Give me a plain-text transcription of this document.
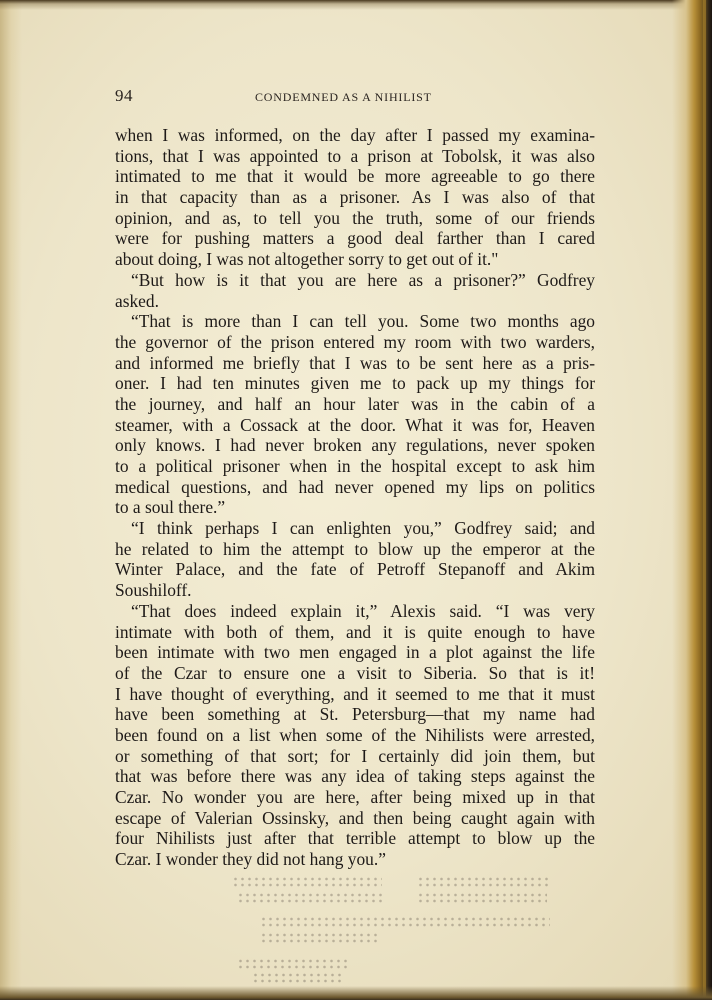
94	CONDEMNED AS A NIHILIST
when I was informed, on the day after I passed my examina-
tions, that I was appointed to a prison at Tobolsk, it was also
intimated to me that it would be more agreeable to go there
in that capacity than as a prisoner. As I was also of that
opinion, and as, to tell you the truth, some of our friends
were for pushing matters a good deal farther than I cared
about doing, I was not altogether sorry to get out of it."
“But how is it that you are here as a prisoner?” Godfrey
asked.
“That is more than I can tell you. Some two months ago
the governor of the prison entered my room with two warders,
and informed me briefly that I was to be sent here as a pris-
oner. I had ten minutes given me to pack up my things for
the journey, and half an hour later was in the cabin of a
steamer, with a Cossack at the door. What it was for, Heaven
only knows. I had never broken any regulations, never spoken
to a political prisoner when in the hospital except to ask him
medical questions, and had never opened my lips on politics
to a soul there.”
“I think perhaps I can enlighten you,” Godfrey said; and
he related to him the attempt to blow up the emperor at the
Winter Palace, and the fate of Petroff Stepanoff and Akim
Soushiloff.
“That does indeed explain it,” Alexis said. “I was very
intimate with both of them, and it is quite enough to have
been intimate with two men engaged in a plot against the life
of the Czar to ensure one a visit to Siberia. So that is it!
I have thought of everything, and it seemed to me that it must
have been something at St. Petersburg—that my name had
been found on a list when some of the Nihilists were arrested,
or something of that sort; for I certainly did join them, but
that was before there was any idea of taking steps against the
Czar. No wonder you are here, after being mixed up in that
escape of Valerian Ossinsky, and then being caught again with
four Nihilists just after that terrible attempt to blow up the
Czar. I wonder they did not hang you.”
